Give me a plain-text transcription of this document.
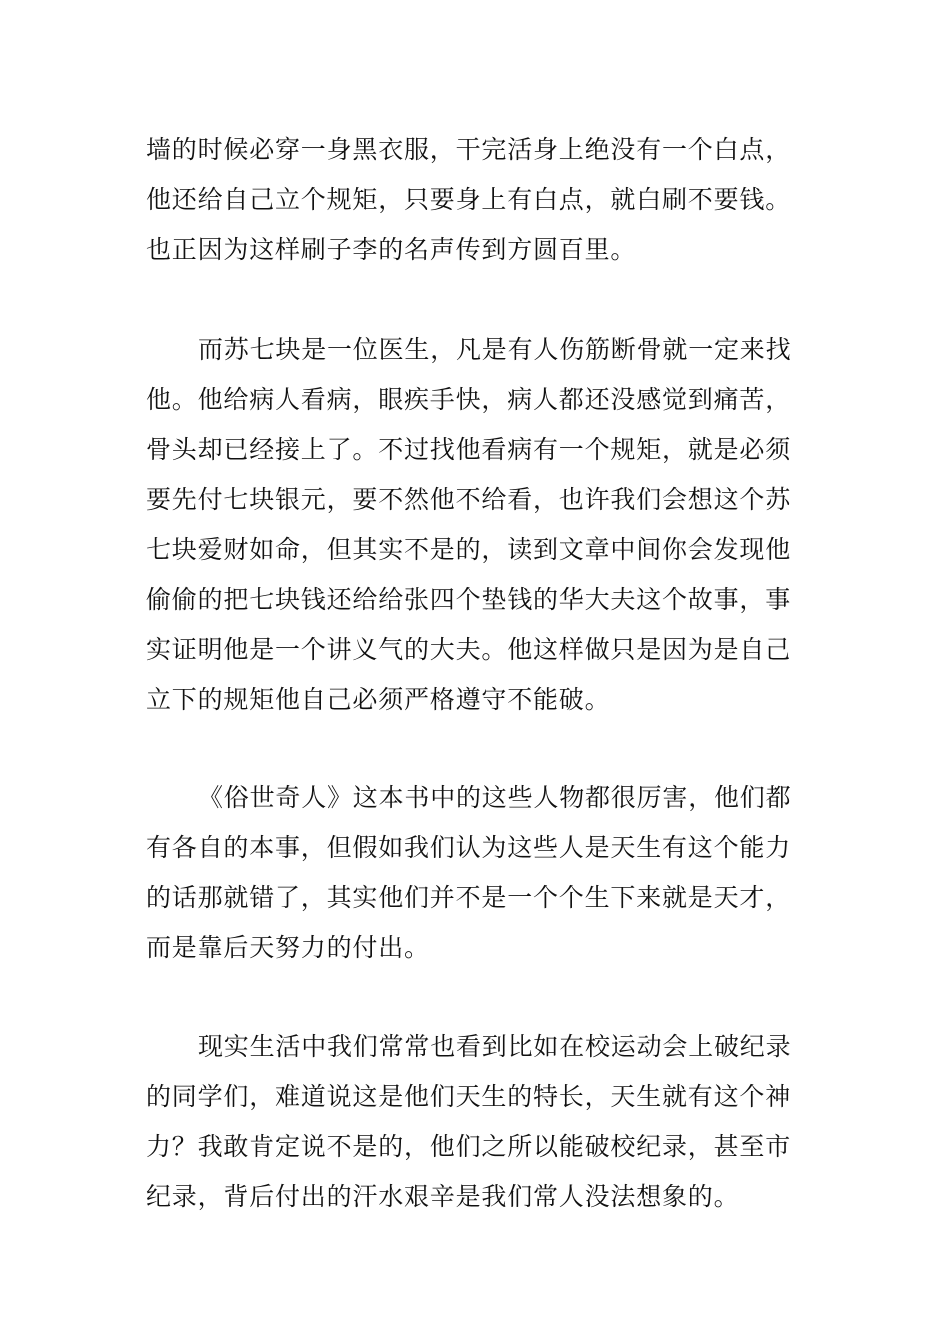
墙的时候必穿一身黑衣服，干完活身上绝没有一个白点，
他还给自己立个规矩，只要身上有白点，就白刷不要钱。
也正因为这样刷子李的名声传到方圆百里。
而苏七块是一位医生，凡是有人伤筋断骨就一定来找
他。他给病人看病，眼疾手快，病人都还没感觉到痛苦，
骨头却已经接上了。不过找他看病有一个规矩，就是必须
要先付七块银元，要不然他不给看，也许我们会想这个苏
七块爱财如命，但其实不是的，读到文章中间你会发现他
偷偷的把七块钱还给给张四个垫钱的华大夫这个故事，事
实证明他是一个讲义气的大夫。他这样做只是因为是自己
立下的规矩他自己必须严格遵守不能破。
《俗世奇人》这本书中的这些人物都很厉害，他们都
有各自的本事，但假如我们认为这些人是天生有这个能力
的话那就错了，其实他们并不是一个个生下来就是天才，
而是靠后天努力的付出。
现实生活中我们常常也看到比如在校运动会上破纪录
的同学们，难道说这是他们天生的特长，天生就有这个神
力？我敢肯定说不是的，他们之所以能破校纪录，甚至市
纪录，背后付出的汗水艰辛是我们常人没法想象的。
